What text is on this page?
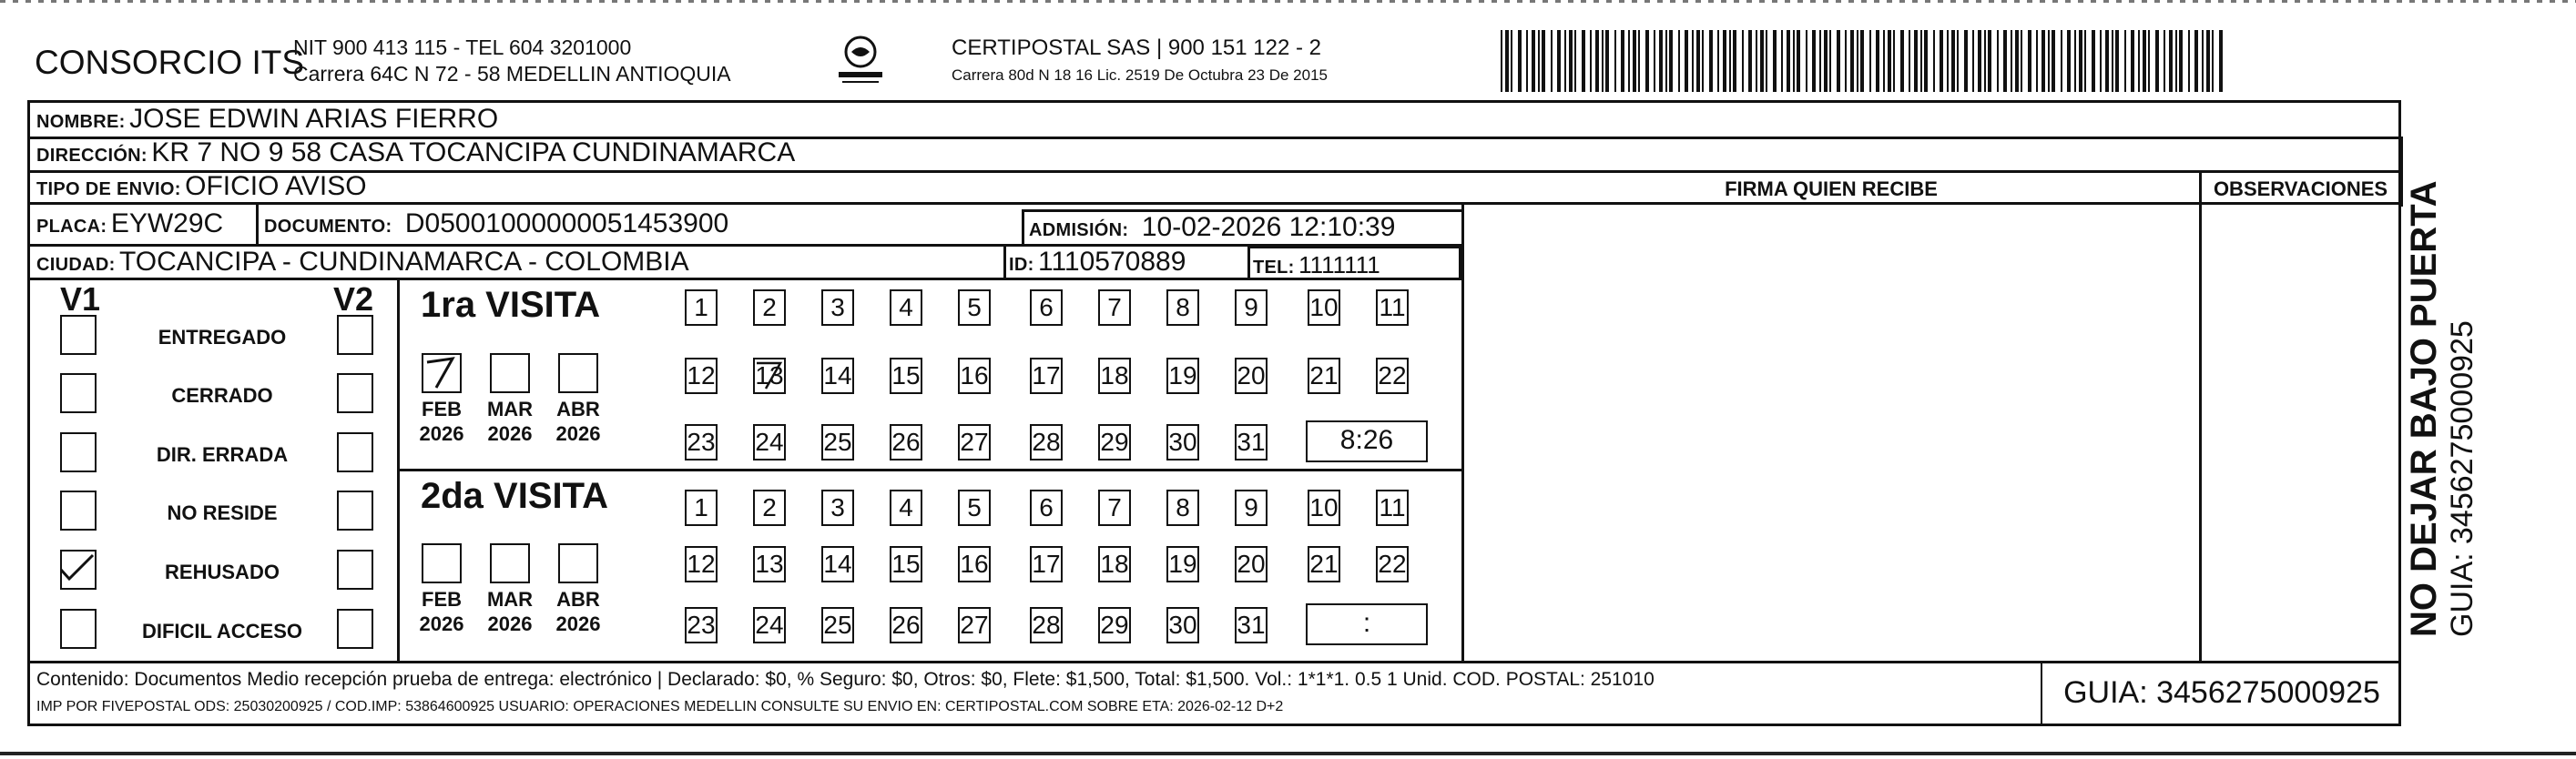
CONSORCIO ITS
NIT 900 413 115 - TEL 604 3201000
Carrera 64C N 72 - 58 MEDELLIN ANTIOQUIA
CERTIPOSTAL SAS | 900 151 122 - 2
Carrera 80d N 18 16 Lic. 2519 De Octubra 23 De 2015
NOMBRE: JOSE EDWIN ARIAS FIERRO
DIRECCIÓN: KR 7 NO 9 58 CASA TOCANCIPA CUNDINAMARCA
TIPO DE ENVIO: OFICIO AVISO	FIRMA QUIEN RECIBE	OBSERVACIONES
PLACA: EYW29C DOCUMENTO: D05001000000051453900	ADMISIÓN: 10-02-2026 12:10:39
CIUDAD: TOCANCIPA - CUNDINAMARCA - COLOMBIA	ID: 1110570889	TEL: 1111111
V1	V2
ENTREGADO
CERRADO
DIR. ERRADA
NO RESIDE
REHUSADO
DIFICIL ACCESO
1ra VISITA
2da VISITA
1	2	3	4	5	6	7	8	9	10 11
12 13 14 15 16 17 18 19 20 21 22
23 24 25 26 27 28 29 30 31	8:26
FEB
2026
MAR
2026
ABR
2026
1	2	3	4	5	6	7	8	9	10 11
12 13 14 15 16 17 18 19 20 21 22
23 24 25 26 27 28 29 30 31	:
FEB
2026
MAR
2026
ABR
2026
Contenido: Documentos Medio recepción prueba de entrega: electrónico | Declarado: $0, % Seguro: $0, Otros: $0, Flete: $1,500, Total: $1,500. Vol.: 1*1*1. 0.5 1 Unid. COD. POSTAL: 251010
IMP POR FIVEPOSTAL ODS: 25030200925 / COD.IMP: 53864600925 USUARIO: OPERACIONES MEDELLIN CONSULTE SU ENVIO EN: CERTIPOSTAL.COM SOBRE ETA: 2026-02-12 D+2	GUIA: 3456275000925
NO DEJAR BAJO PUERTA GUIA: 3456275000925
